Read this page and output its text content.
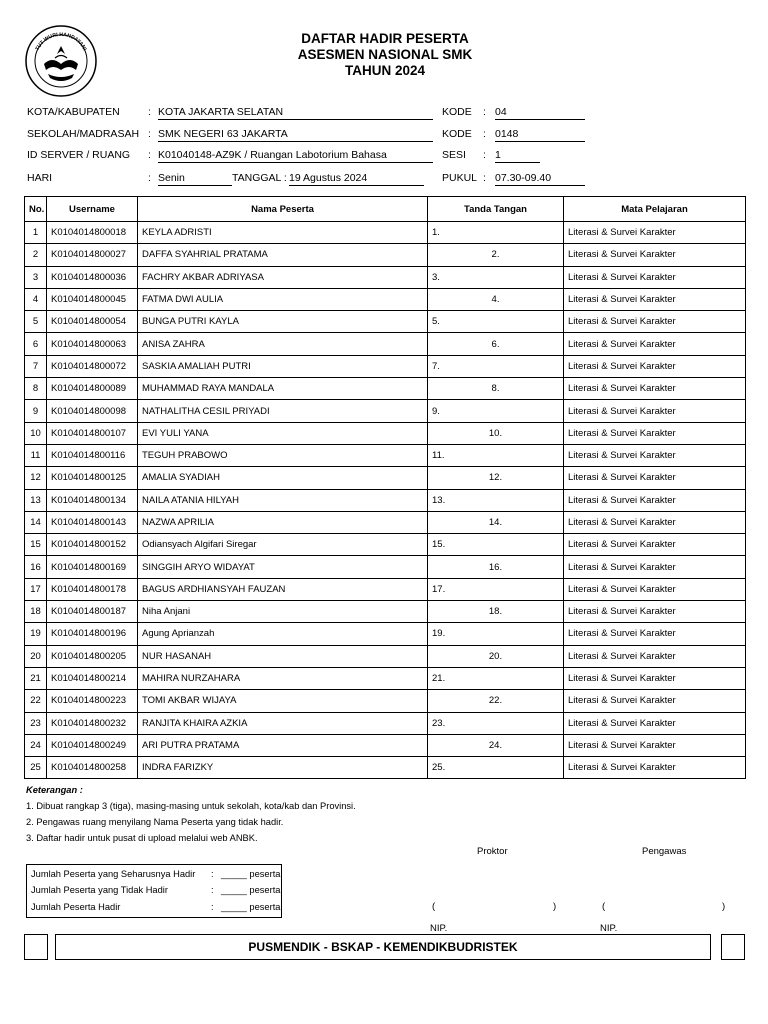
TUT WURI HANDAYANI
DAFTAR HADIR PESERTA
ASESMEN NASIONAL SMK
TAHUN 2024
KOTA/KABUPATEN	: KOTA JAKARTA SELATAN
SEKOLAH/MADRASAH : SMK NEGERI 63 JAKARTA
ID SERVER / RUANG : K01040148-AZ9K / Ruangan Labotorium Bahasa
HARI	: Senin	TANGGAL : 19 Agustus 2024
KODE : 04
KODE : 0148
SESI : 1
PUKUL : 07.30-09.40
No.	Username	Nama Peserta	Tanda Tangan	Mata Pelajaran
1	K0104014800018	KEYLA ADRISTI	1.	Literasi & Survei Karakter
2	K0104014800027	DAFFA SYAHRIAL PRATAMA	2.	Literasi & Survei Karakter
3	K0104014800036	FACHRY AKBAR ADRIYASA	3.	Literasi & Survei Karakter
4	K0104014800045	FATMA DWI AULIA	4.	Literasi & Survei Karakter
5	K0104014800054	BUNGA PUTRI KAYLA	5.	Literasi & Survei Karakter
6	K0104014800063	ANISA ZAHRA	6.	Literasi & Survei Karakter
7	K0104014800072	SASKIA AMALIAH PUTRI	7.	Literasi & Survei Karakter
8	K0104014800089	MUHAMMAD RAYA MANDALA	8.	Literasi & Survei Karakter
9	K0104014800098	NATHALITHA CESIL PRIYADI	9.	Literasi & Survei Karakter
10	K0104014800107	EVI YULI YANA	10.	Literasi & Survei Karakter
11	K0104014800116	TEGUH PRABOWO	11.	Literasi & Survei Karakter
12	K0104014800125	AMALIA SYADIAH	12.	Literasi & Survei Karakter
13	K0104014800134	NAILA ATANIA HILYAH	13.	Literasi & Survei Karakter
14	K0104014800143	NAZWA APRILIA	14.	Literasi & Survei Karakter
15	K0104014800152	Odiansyach Algifari Siregar	15.	Literasi & Survei Karakter
16	K0104014800169	SINGGIH ARYO WIDAYAT	16.	Literasi & Survei Karakter
17	K0104014800178	BAGUS ARDHIANSYAH FAUZAN	17.	Literasi & Survei Karakter
18	K0104014800187	Niha Anjani	18.	Literasi & Survei Karakter
19	K0104014800196	Agung Aprianzah	19.	Literasi & Survei Karakter
20	K0104014800205	NUR HASANAH	20.	Literasi & Survei Karakter
21	K0104014800214	MAHIRA NURZAHARA	21.	Literasi & Survei Karakter
22	K0104014800223	TOMI AKBAR WIJAYA	22.	Literasi & Survei Karakter
23	K0104014800232	RANJITA KHAIRA AZKIA	23.	Literasi & Survei Karakter
24	K0104014800249	ARI PUTRA PRATAMA	24.	Literasi & Survei Karakter
25	K0104014800258	INDRA FARIZKY	25.	Literasi & Survei Karakter
Keterangan :
1. Dibuat rangkap 3 (tiga), masing-masing untuk sekolah, kota/kab dan Provinsi.
2. Pengawas ruang menyilang Nama Peserta yang tidak hadir.
3. Daftar hadir untuk pusat di upload melalui web ANBK.
Jumlah Peserta yang Seharusnya Hadir : _____ peserta
Jumlah Peserta yang Tidak Hadir	: _____ peserta
Jumlah Peserta Hadir	: _____ peserta
Proktor	Pengawas
(	)	(	)
NIP.	NIP.
PUSMENDIK - BSKAP - KEMENDIKBUDRISTEK
